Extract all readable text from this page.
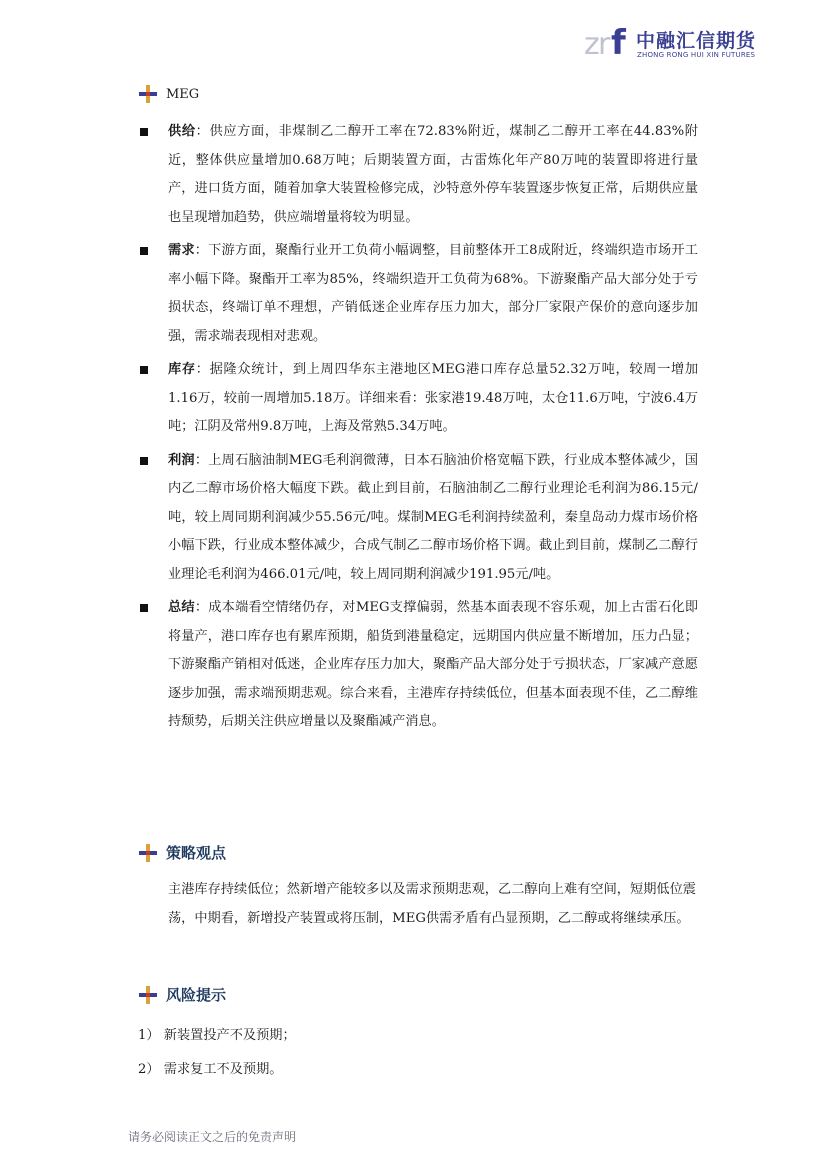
z
r f 中融汇信期货
ZHONG RONG HUI XIN FUTURES
MEG
供给：供应方面，非煤制乙二醇开工率在72.83%附近，煤制乙二醇开工率在44.83%附近，整体供应量增加0.68万吨；后期装置方面，古雷炼化年产80万吨的装置即将进行量产，进口货方面，随着加拿大装置检修完成，沙特意外停车装置逐步恢复正常，后期供应量也呈现增加趋势，供应端增量将较为明显。
需求：下游方面，聚酯行业开工负荷小幅调整，目前整体开工8成附近，终端织造市场开工率小幅下降。聚酯开工率为85%，终端织造开工负荷为68%。下游聚酯产品大部分处于亏损状态，终端订单不理想，产销低迷企业库存压力加大，部分厂家限产保价的意向逐步加强，需求端表现相对悲观。
库存：据隆众统计，到上周四华东主港地区MEG港口库存总量52.32万吨，较周一增加1.16万，较前一周增加5.18万。详细来看：张家港19.48万吨，太仓11.6万吨，宁波6.4万吨；江阴及常州9.8万吨，上海及常熟5.34万吨。
利润：上周石脑油制MEG毛利润微薄，日本石脑油价格宽幅下跌，行业成本整体减少，国内乙二醇市场价格大幅度下跌。截止到目前，石脑油制乙二醇行业理论毛利润为86.15元/吨，较上周同期利润减少55.56元/吨。煤制MEG毛利润持续盈利，秦皇岛动力煤市场价格小幅下跌，行业成本整体减少，合成气制乙二醇市场价格下调。截止到目前，煤制乙二醇行业理论毛利润为466.01元/吨，较上周同期利润减少191.95元/吨。
总结：成本端看空情绪仍存，对MEG支撑偏弱，然基本面表现不容乐观，加上古雷石化即将量产，港口库存也有累库预期，船货到港量稳定，远期国内供应量不断增加，压力凸显；下游聚酯产销相对低迷，企业库存压力加大，聚酯产品大部分处于亏损状态，厂家减产意愿逐步加强，需求端预期悲观。综合来看，主港库存持续低位，但基本面表现不佳，乙二醇维持颓势，后期关注供应增量以及聚酯减产消息。
策略观点
主港库存持续低位；然新增产能较多以及需求预期悲观，乙二醇向上难有空间，短期低位震荡，中期看，新增投产装置或将压制，MEG供需矛盾有凸显预期，乙二醇或将继续承压。
风险提示
1） 新装置投产不及预期；
2） 需求复工不及预期。
请务必阅读正文之后的免责声明
